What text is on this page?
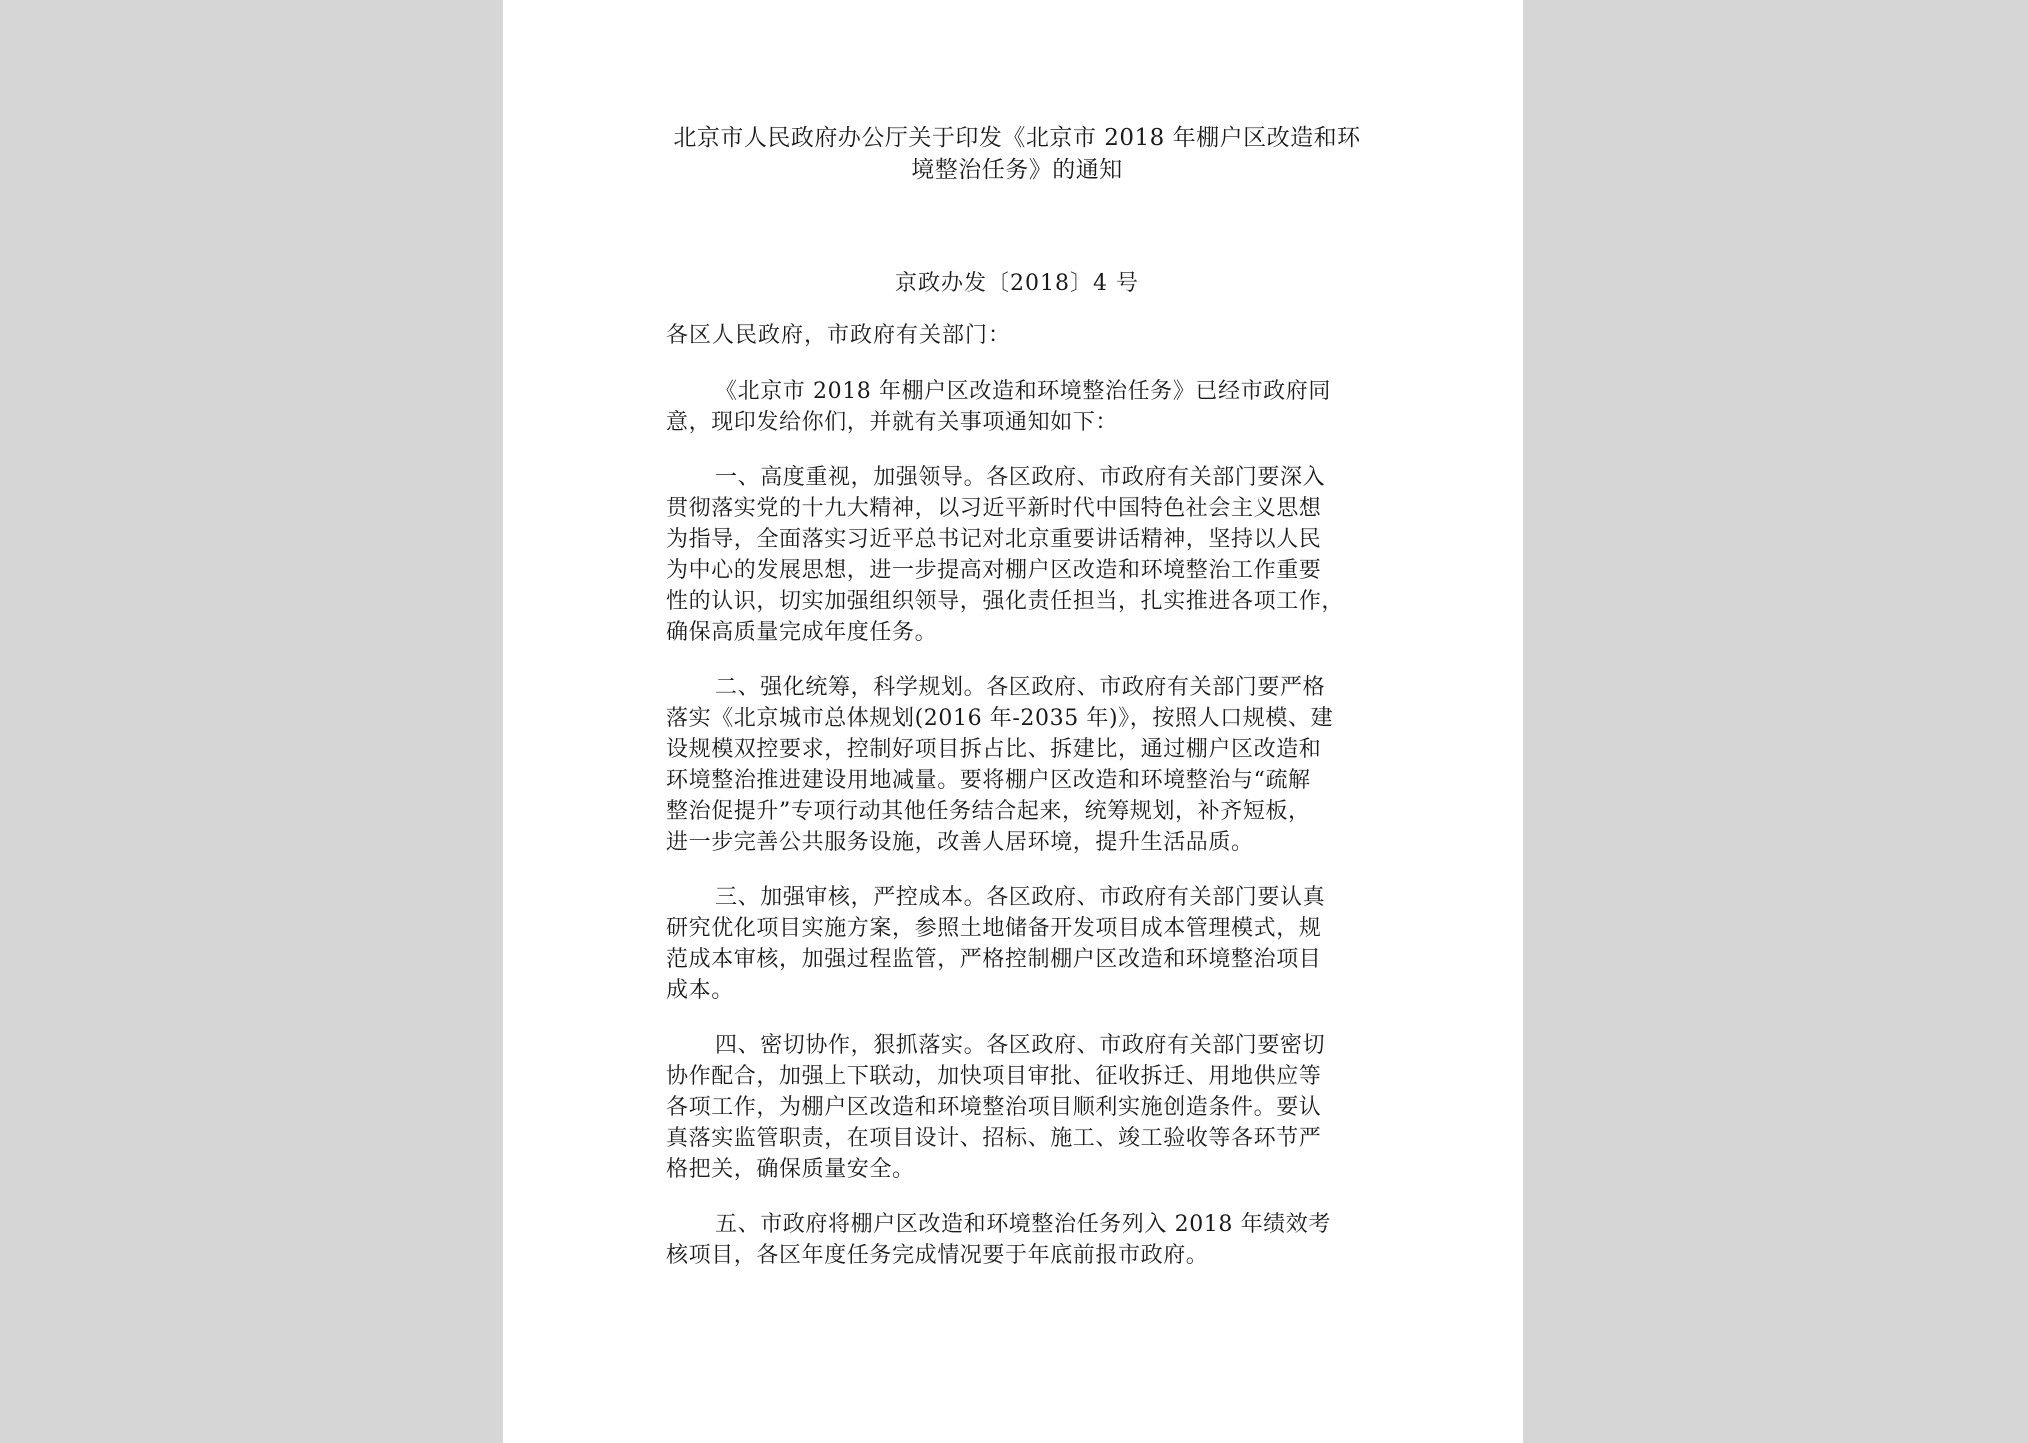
北京市人民政府办公厅关于印发《北京市 2018 年棚户区改造和环
境整治任务》的通知
京政办发〔2018〕4 号

各区人民政府，市政府有关部门：

《北京市 2018 年棚户区改造和环境整治任务》已经市政府同
意，现印发给你们，并就有关事项通知如下：
一、高度重视，加强领导。各区政府、市政府有关部门要深入
贯彻落实党的十九大精神，以习近平新时代中国特色社会主义思想
为指导，全面落实习近平总书记对北京重要讲话精神，坚持以人民
为中心的发展思想，进一步提高对棚户区改造和环境整治工作重要
性的认识，切实加强组织领导，强化责任担当，扎实推进各项工作，
确保高质量完成年度任务。
二、强化统筹，科学规划。各区政府、市政府有关部门要严格
落实《北京城市总体规划(2016 年-2035 年)》，按照人口规模、建
设规模双控要求，控制好项目拆占比、拆建比，通过棚户区改造和
环境整治推进建设用地减量。要将棚户区改造和环境整治与“疏解
整治促提升”专项行动其他任务结合起来，统筹规划，补齐短板，
进一步完善公共服务设施，改善人居环境，提升生活品质。
三、加强审核，严控成本。各区政府、市政府有关部门要认真
研究优化项目实施方案，参照土地储备开发项目成本管理模式，规
范成本审核，加强过程监管，严格控制棚户区改造和环境整治项目
成本。
四、密切协作，狠抓落实。各区政府、市政府有关部门要密切
协作配合，加强上下联动，加快项目审批、征收拆迁、用地供应等
各项工作，为棚户区改造和环境整治项目顺利实施创造条件。要认
真落实监管职责，在项目设计、招标、施工、竣工验收等各环节严
格把关，确保质量安全。
五、市政府将棚户区改造和环境整治任务列入 2018 年绩效考
核项目，各区年度任务完成情况要于年底前报市政府。
